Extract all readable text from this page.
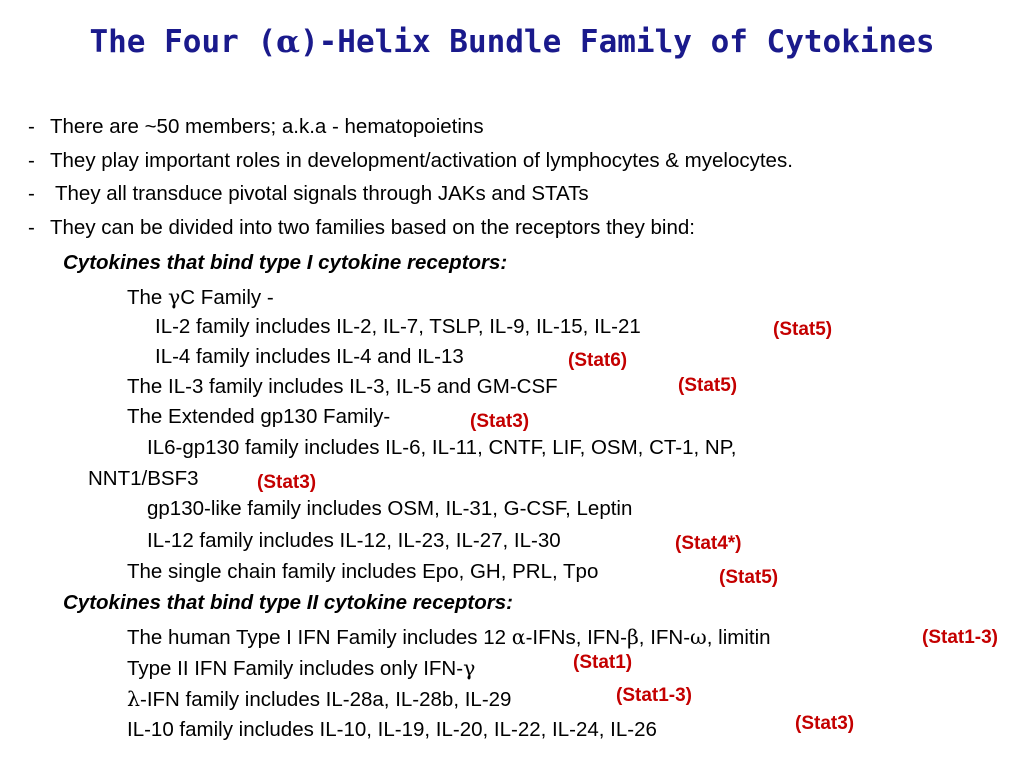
The Four (α)-Helix Bundle Family of Cytokines
- There are ~50 members; a.k.a - hematopoietins
- They play important roles in development/activation of lymphocytes & myelocytes.
- They all transduce pivotal signals through JAKs and STATs
- They can be divided into two families based on the receptors they bind:
Cytokines that bind type I cytokine receptors:
The γC Family -
IL-2 family includes IL-2, IL-7, TSLP, IL-9, IL-15, IL-21	(Stat5)
IL-4 family includes IL-4 and IL-13	(Stat6)
The IL-3 family includes IL-3, IL-5 and GM-CSF	(Stat5)
The Extended gp130 Family-	(Stat3)
IL6-gp130 family includes IL-6, IL-11, CNTF, LIF, OSM, CT-1, NP,
NNT1/BSF3	(Stat3)
gp130-like family includes OSM, IL-31, G-CSF, Leptin
IL-12 family includes IL-12, IL-23, IL-27, IL-30	(Stat4*)
The single chain family includes Epo, GH, PRL, Tpo	(Stat5)
Cytokines that bind type II cytokine receptors:
The human Type I IFN Family includes 12 α-IFNs, IFN-β, IFN-ω, limitin	(Stat1-3)
Type II IFN Family includes only IFN-γ	(Stat1)
λ-IFN family includes IL-28a, IL-28b, IL-29	(Stat1-3)
IL-10 family includes IL-10, IL-19, IL-20, IL-22, IL-24, IL-26	(Stat3)
